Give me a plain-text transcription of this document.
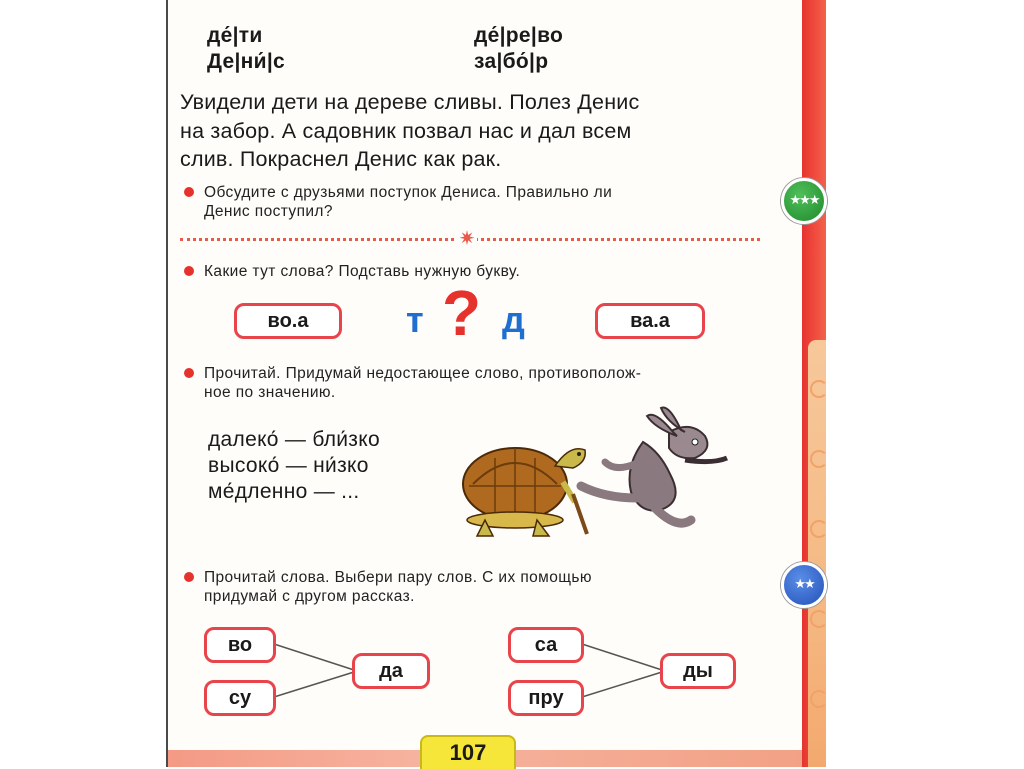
де́|ти
Де|ни́|с
де́|ре|во
за|бо́|р
Увидели дети на дереве сливы. Полез Денис
на забор. А садовник позвал нас и дал всем
слив. Покраснел Денис как рак.
Обсудите с друзьями поступок Дениса. Правильно ли
Денис поступил?
★★★
✷
Какие тут слова? Подставь нужную букву.
во.а	т ? д	ва.а
Прочитай. Придумай недостающее слово, противополож-
ное по значению.
далеко́ — бли́зко
высоко́ — ни́зко
ме́дленно — ...
Прочитай слова. Выбери пару слов. С их помощью
придумай с другом рассказ.
★★
во
су
да
са
пру
ды
107
